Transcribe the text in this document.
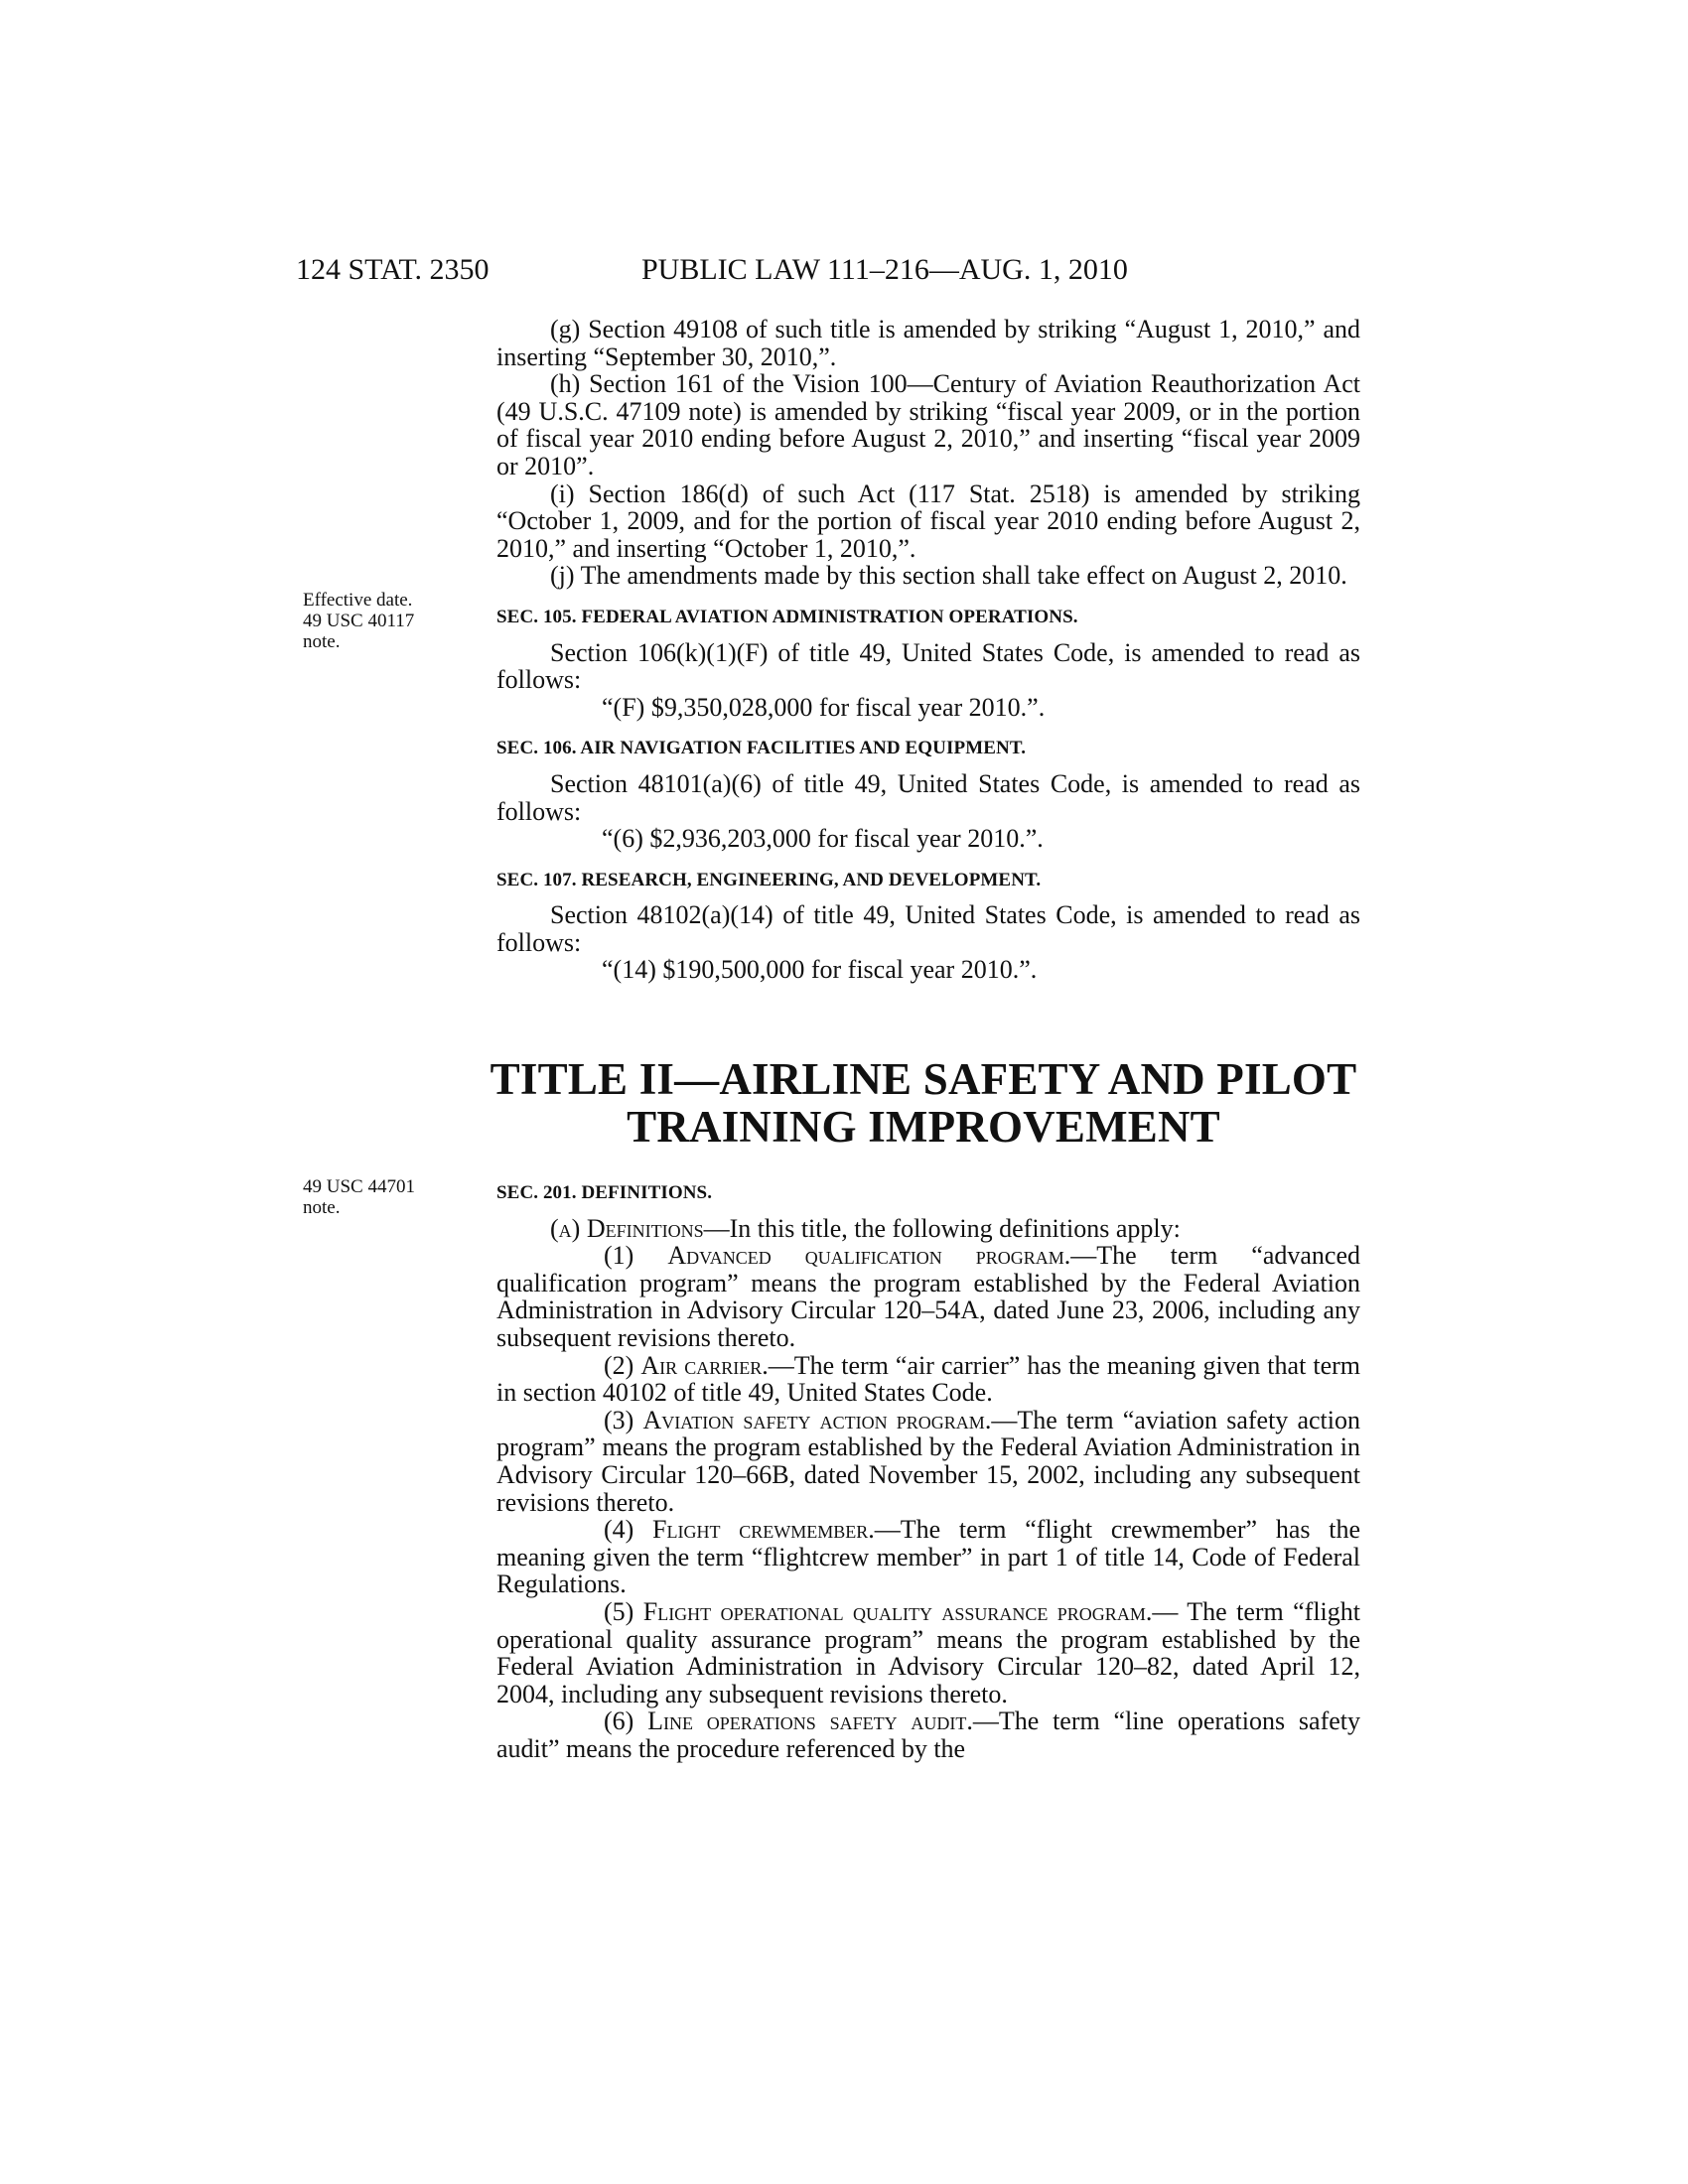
124 STAT. 2350	PUBLIC LAW 111–216—AUG. 1, 2010
Effective date.
49 USC 40117
note.
49 USC 44701
note.

(g) Section 49108 of such title is amended by striking “August 1, 2010,” and inserting “September 30, 2010,”.

(h) Section 161 of the Vision 100—Century of Aviation Reauthorization Act (49 U.S.C. 47109 note) is amended by striking “fiscal year 2009, or in the portion of fiscal year 2010 ending before August 2, 2010,” and inserting “fiscal year 2009 or 2010”.

(i) Section 186(d) of such Act (117 Stat. 2518) is amended by striking “October 1, 2009, and for the portion of fiscal year 2010 ending before August 2, 2010,” and inserting “October 1, 2010,”.

(j) The amendments made by this section shall take effect on August 2, 2010.

SEC. 105. FEDERAL AVIATION ADMINISTRATION OPERATIONS.

Section 106(k)(1)(F) of title 49, United States Code, is amended to read as follows:

“(F) $9,350,028,000 for fiscal year 2010.”.

SEC. 106. AIR NAVIGATION FACILITIES AND EQUIPMENT.

Section 48101(a)(6) of title 49, United States Code, is amended to read as follows:

“(6) $2,936,203,000 for fiscal year 2010.”.

SEC. 107. RESEARCH, ENGINEERING, AND DEVELOPMENT.

Section 48102(a)(14) of title 49, United States Code, is amended to read as follows:

“(14) $190,500,000 for fiscal year 2010.”.

TITLE II—AIRLINE SAFETY AND PILOT
TRAINING IMPROVEMENT

SEC. 201. DEFINITIONS.

(a) Definitions—In this title, the following definitions apply:

(1) Advanced qualification program.—The term “advanced qualification program” means the program established by the Federal Aviation Administration in Advisory Circular 120–54A, dated June 23, 2006, including any subsequent revisions thereto.

(2) Air carrier.—The term “air carrier” has the meaning given that term in section 40102 of title 49, United States Code.

(3) Aviation safety action program.—The term “aviation safety action program” means the program established by the Federal Aviation Administration in Advisory Circular 120–66B, dated November 15, 2002, including any subsequent revisions thereto.

(4) Flight crewmember.—The term “flight crewmember” has the meaning given the term “flightcrew member” in part 1 of title 14, Code of Federal Regulations.

(5) Flight operational quality assurance program.— The term “flight operational quality assurance program” means the program established by the Federal Aviation Administration in Advisory Circular 120–82, dated April 12, 2004, including any subsequent revisions thereto.

(6) Line operations safety audit.—The term “line operations safety audit” means the procedure referenced by the
